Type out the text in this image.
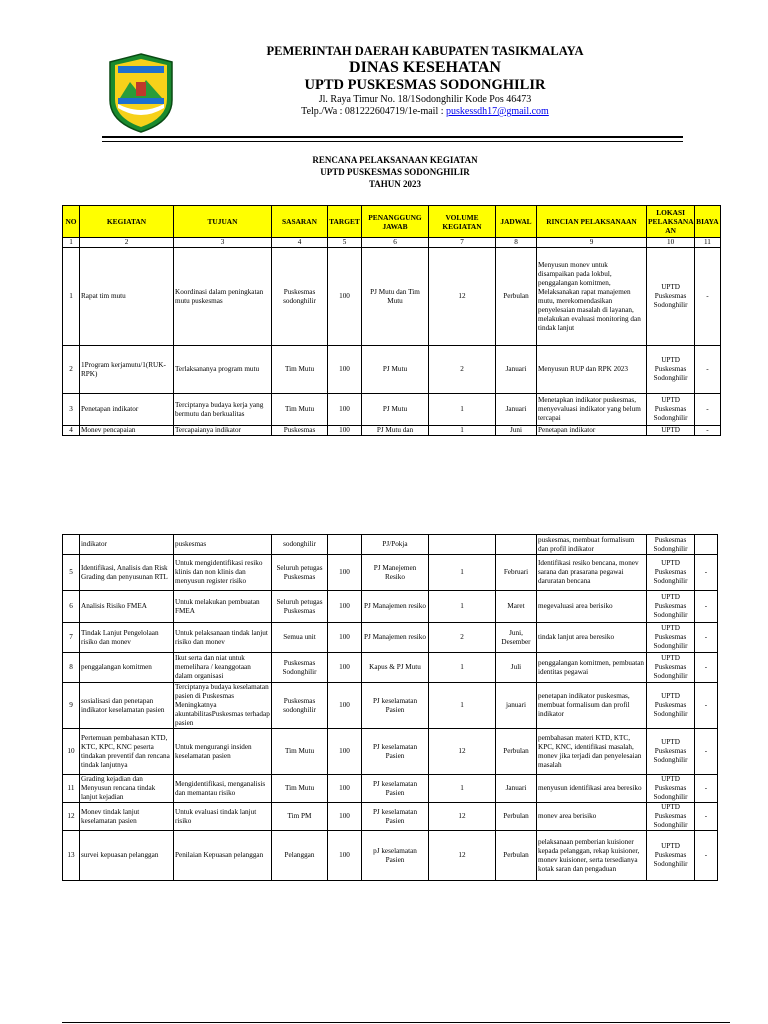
PEMERINTAH DAERAH KABUPATEN TASIKMALAYA
DINAS KESEHATAN
UPTD PUSKESMAS SODONGHILIR
Jl. Raya Timur No. 18/1Sodonghilir Kode Pos 46473
Telp./Wa : 081222604719/1e-mail : puskessdh17@gmail.com
RENCANA PELAKSANAAN KEGIATAN
UPTD PUSKESMAS SODONGHILIR
TAHUN 2023
NO	KEGIATAN	TUJUAN	SASARAN	TARGET	PENANGGUNG JAWAB	VOLUME KEGIATAN	JADWAL	RINCIAN PELAKSANAAN	LOKASI PELAKSANA AN	BIAYA
1	2	3	4	5	6	7	8	9	10	11
1	Rapat tim mutu	Koordinasi dalam peningkatan mutu puskesmas	Puskesmas sodonghilir	100	PJ Mutu dan Tim Mutu	12	Perbulan	Menyusun monev untuk disampaikan pada lokbul, penggalangan komitmen, Melaksanakan rapat manajemen mutu, merekomendasikan penyelesaian masalah di layanan, melakukan evaluasi monitoring dan tindak lanjut	UPTD Puskesmas Sodonghilir	-
2	1Program kerjamutu/1(RUK- RPK)	Terlaksananya program mutu	Tim Mutu	100	PJ Mutu	2	Januari	Menyusun RUP dan RPK 2023	UPTD Puskesmas Sodonghilir	-
3	Penetapan indikator	Terciptanya budaya kerja yang bermutu dan berkualitas	Tim Mutu	100	PJ Mutu	1	Januari	Menetapkan indikator puskesmas, menyevaluasi indikator yang belum tercapai	UPTD Puskesmas Sodonghilir	-
4	Monev pencapaian	Tercapaianya indikator	Puskesmas	100	PJ Mutu dan	1	Juni	Penetapan indikator	UPTD	-
	indikator	puskesmas	sodonghilir		PJ/Pokja			puskesmas, membuat formalisum dan profil indikator	Puskesmas Sodonghilir	
5	Identifikasi, Analisis dan Risk Grading dan penyusunan RTL	Untuk mengidentifikasi resiko klinis dan non klinis dan menyusun register risiko	Seluruh petugas Puskesmas	100	PJ Manejemen Resiko	1	Februari	Identifikasi resiko bencana, monev sarana dan prasarana pegawai daruratan bencana	UPTD Puskesmas Sodonghilir	-
6	Analisis Risiko FMEA	Untuk melakukan pembuatan FMEA	Seluruh petugas Puskesmas	100	PJ Manajemen resiko	1	Maret	megevaluasi area berisiko	UPTD Puskesmas Sodonghilir	-
7	Tindak Lanjut Pengelolaan risiko dan monev	Untuk pelaksanaan tindak lanjut risiko dan monev	Semua unit	100	PJ Manajemen resiko	2	Juni, Desember	tindak lanjut area beresiko	UPTD Puskesmas Sodonghilir	-
8	penggalangan komitmen	Ikut serta dan niat untuk memelihara / keanggotaan dalam organisasi	Puskesmas Sodonghilir	100	Kapus & PJ Mutu	1	Juli	penggalangan komitmen, pembuatan identitas pegawai	UPTD Puskesmas Sodonghilir	-
9	sosialisasi dan penetapan indikator keselamatan pasien	Terciptanya budaya keselamatan pasien di Puskesmas Meningkatnya akuntabilitasPuskesmas terhadap pasien	Puskesmas sodonghilir	100	PJ keselamatan Pasien	1	januari	penetapan indikator puskesmas, membuat formalisum dan profil indikator	UPTD Puskesmas Sodonghilir	-
10	Pertemuan pembahasan KTD, KTC, KPC, KNC peserta tindakan preventif dan rencana tindak lanjutnya	Untuk mengurangi insiden keselamatan pasien	Tim Mutu	100	PJ keselamatan Pasien	12	Perbulan	pembahasan materi KTD, KTC, KPC, KNC, identifikasi masalah, monev jika terjadi dan penyelesaian masalah	UPTD Puskesmas Sodonghilir	-
11	Grading kejadian dan Menyusun rencana tindak lanjut kejadian	Mengidentifikasi, menganalisis dan memantau risiko	Tim Mutu	100	PJ keselamatan Pasien	1	Januari	menyusun identifikasi area beresiko	UPTD Puskesmas Sodonghilir	-
12	Monev tindak lanjut keselamatan pasien	Untuk evaluasi tindak lanjut risiko	Tim PM	100	PJ keselamatan Pasien	12	Perbulan	monev area berisiko	UPTD Puskesmas Sodonghilir	-
13	survei kepuasan pelanggan	Penilaian Kepuasan pelanggan	Pelanggan	100	pJ keselamatan Pasien	12	Perbulan	pelaksanaan pemberian kuisioner kepada pelanggan, rekap kuisioner, monev kuisioner, serta tersedianya kotak saran dan pengaduan	UPTD Puskesmas Sodonghilir	-
